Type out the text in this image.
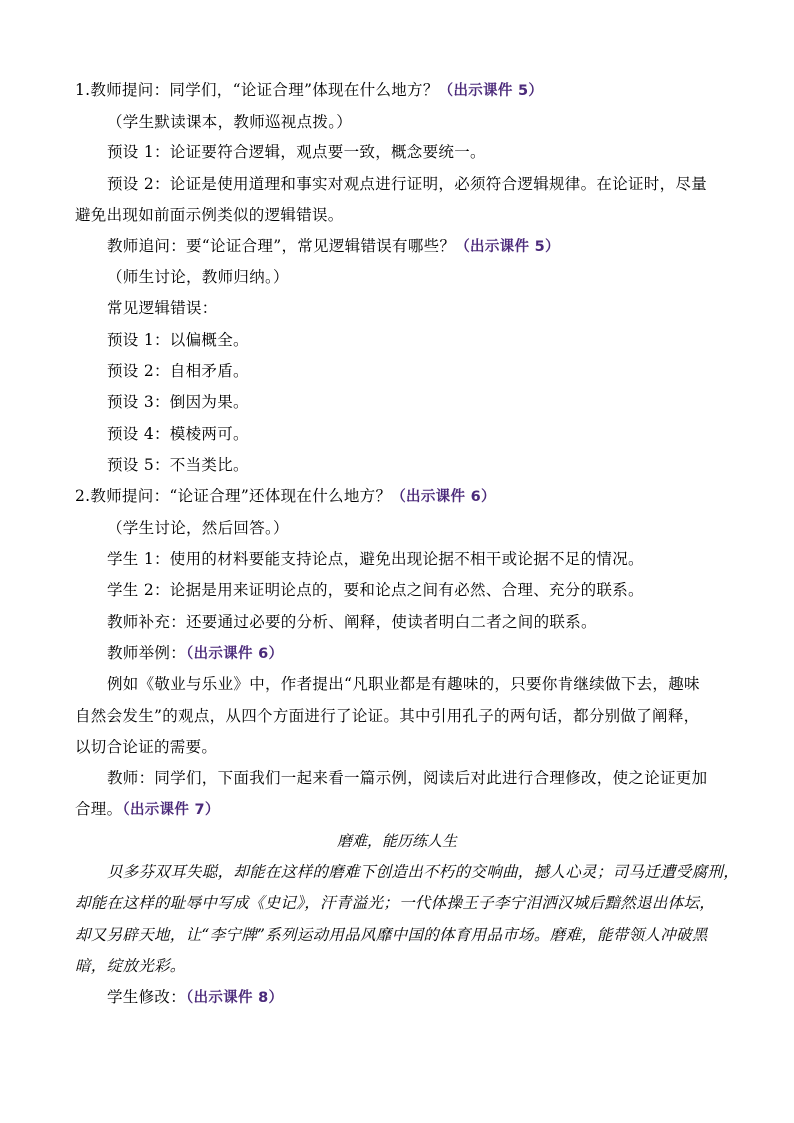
1.教师提问：同学们，“论证合理”体现在什么地方？（出示课件 5）
（学生默读课本，教师巡视点拨。）
预设 1：论证要符合逻辑，观点要一致，概念要统一。
预设 2：论证是使用道理和事实对观点进行证明，必须符合逻辑规律。在论证时，尽量
避免出现如前面示例类似的逻辑错误。
教师追问：要“论证合理”，常见逻辑错误有哪些？（出示课件 5）
（师生讨论，教师归纳。）
常见逻辑错误：
预设 1：以偏概全。
预设 2：自相矛盾。
预设 3：倒因为果。
预设 4：模棱两可。
预设 5：不当类比。
2.教师提问：“论证合理”还体现在什么地方？（出示课件 6）
（学生讨论，然后回答。）
学生 1：使用的材料要能支持论点，避免出现论据不相干或论据不足的情况。
学生 2：论据是用来证明论点的，要和论点之间有必然、合理、充分的联系。
教师补充：还要通过必要的分析、阐释，使读者明白二者之间的联系。
教师举例：（出示课件 6）
例如《敬业与乐业》中，作者提出“凡职业都是有趣味的，只要你肯继续做下去，趣味
自然会发生”的观点，从四个方面进行了论证。其中引用孔子的两句话，都分别做了阐释，
以切合论证的需要。
教师：同学们，下面我们一起来看一篇示例，阅读后对此进行合理修改，使之论证更加
合理。（出示课件 7）
磨难，能历练人生
贝多芬双耳失聪，却能在这样的磨难下创造出不朽的交响曲，撼人心灵；司马迁遭受腐刑，
却能在这样的耻辱中写成《史记》，汗青溢光；一代体操王子李宁泪洒汉城后黯然退出体坛，
却又另辟天地，让“李宁牌”系列运动用品风靡中国的体育用品市场。磨难，能带领人冲破黑
暗，绽放光彩。
学生修改：（出示课件 8）
